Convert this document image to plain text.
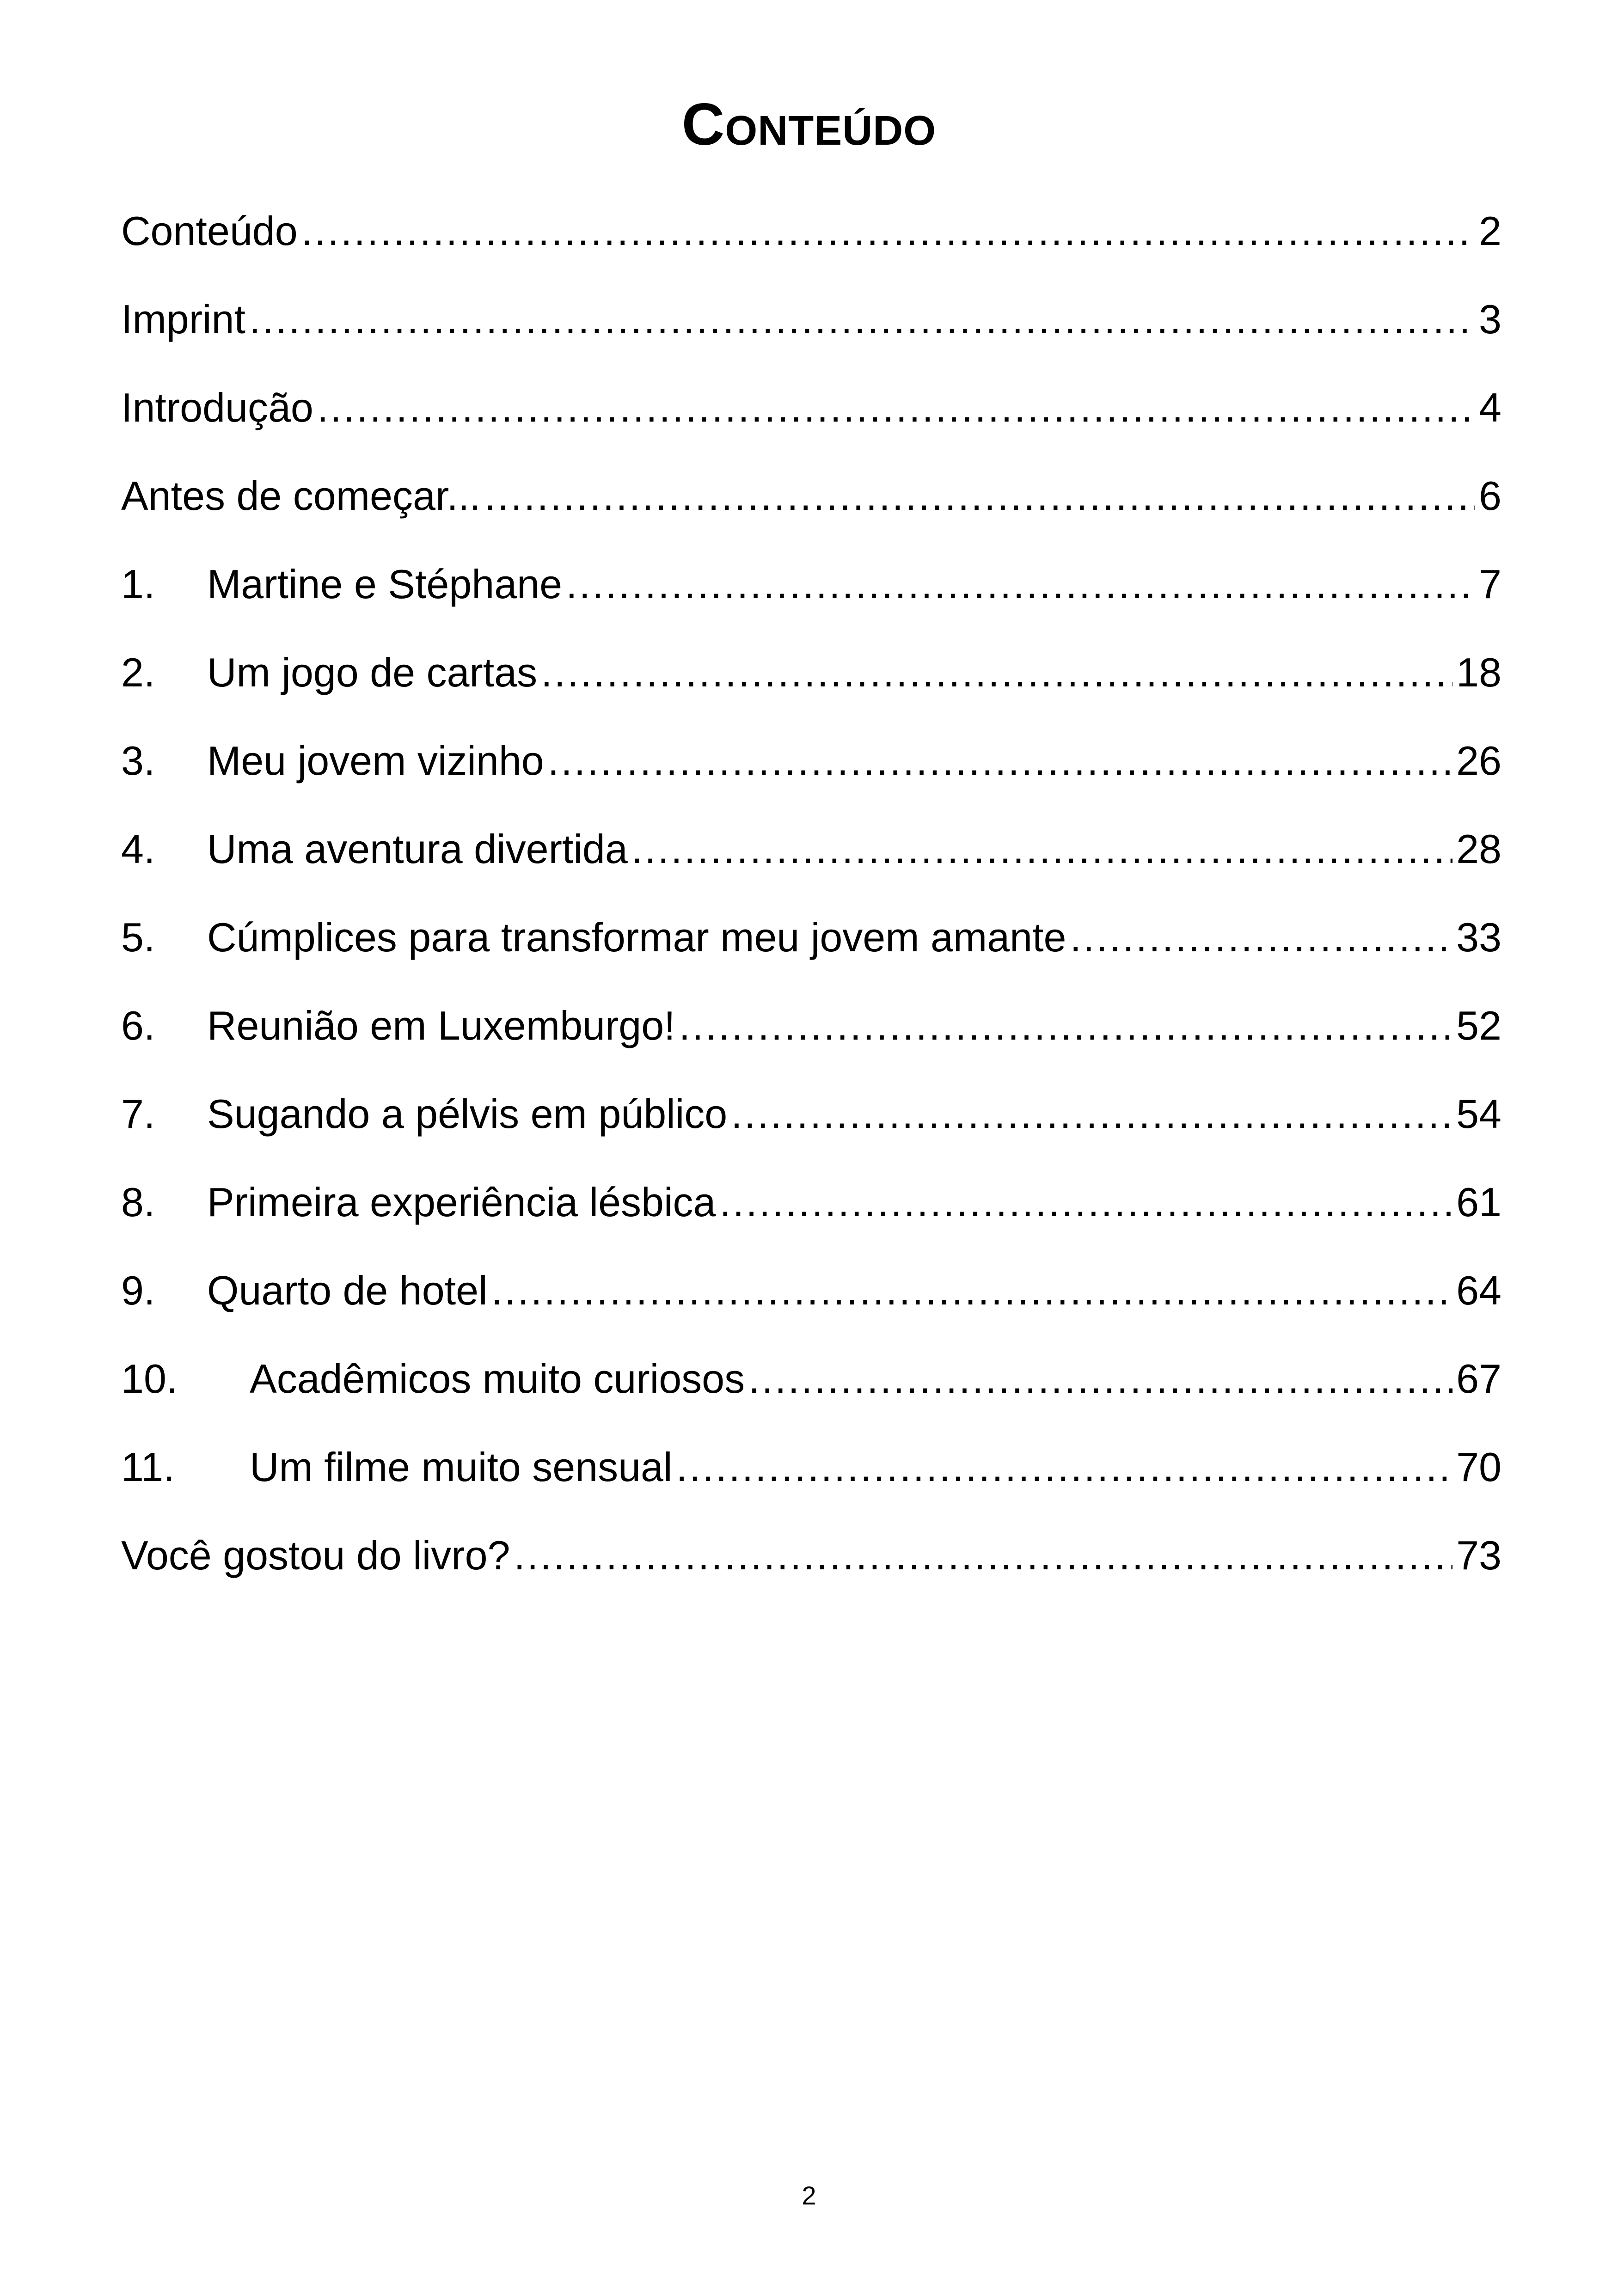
Conteúdo
Conteúdo .....	2
Imprint .....	3
Introdução .....	4
Antes de começar... .....	6
1.	Martine e Stéphane .....	7
2.	Um jogo de cartas .....	18
3.	Meu jovem vizinho .....	26
4.	Uma aventura divertida .....	28
5.	Cúmplices para transformar meu jovem amante .....	33
6.	Reunião em Luxemburgo! .....	52
7.	Sugando a pélvis em público .....	54
8.	Primeira experiência lésbica .....	61
9.	Quarto de hotel .....	64
10.	Acadêmicos muito curiosos .....	67
11.	Um filme muito sensual .....	70
Você gostou do livro? .....	73
2
